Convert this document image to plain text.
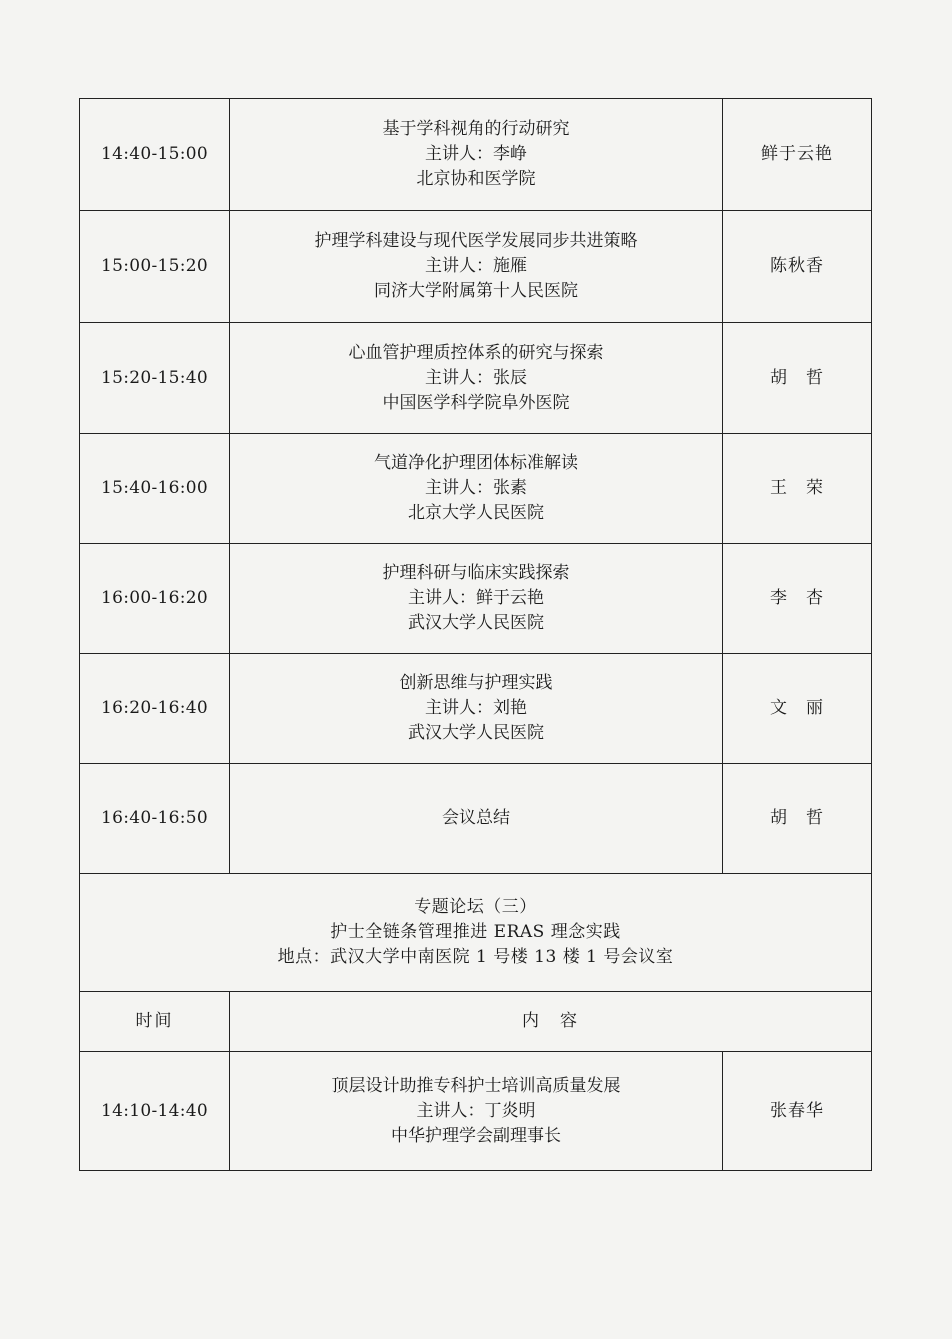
14:40-15:00	基于学科视角的行动研究
主讲人：李峥
北京协和医学院	鲜于云艳
15:00-15:20	护理学科建设与现代医学发展同步共进策略
主讲人：施雁
同济大学附属第十人民医院	陈秋香
15:20-15:40	心血管护理质控体系的研究与探索
主讲人：张辰
中国医学科学院阜外医院	胡　哲
15:40-16:00	气道净化护理团体标准解读
主讲人：张素
北京大学人民医院	王　荣
16:00-16:20	护理科研与临床实践探索
主讲人：鲜于云艳
武汉大学人民医院	李　杏
16:20-16:40	创新思维与护理实践
主讲人：刘艳
武汉大学人民医院	文　丽
16:40-16:50	会议总结	胡　哲

专题论坛（三）
护士全链条管理推进 ERAS 理念实践
地点：武汉大学中南医院 1 号楼 13 楼 1 号会议室		

时间	内　容	
14:10-14:40	顶层设计助推专科护士培训高质量发展
主讲人：丁炎明
中华护理学会副理事长	张春华
